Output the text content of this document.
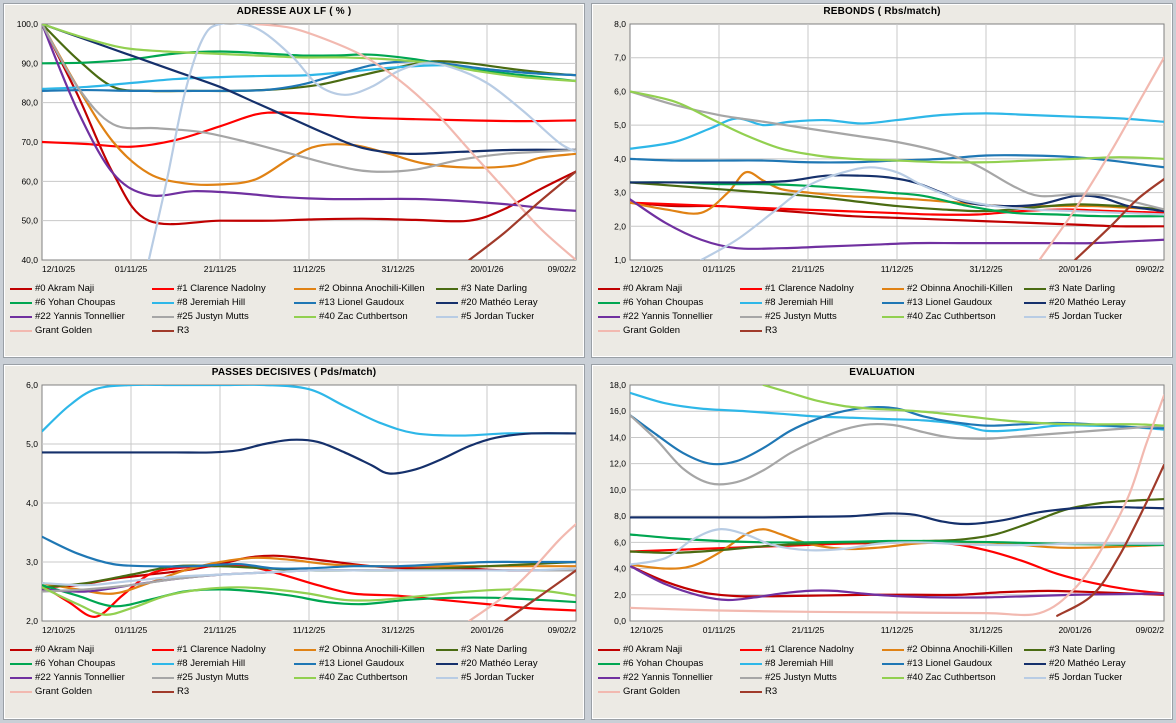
ADRESSE AUX LF ( % )
100,0
90,0
80,0
70,0
60,0
50,0
40,0
12/10/25	01/11/25	21/11/25	11/12/25	31/12/25	20/01/26	09/02/2
#0 Akram Naji	#1 Clarence Nadolny	#2 Obinna Anochili-Killen	#3 Nate Darling
#6 Yohan Choupas	#8 Jeremiah Hill	#13 Lionel Gaudoux	#20 Mathéo Leray
#22 Yannis Tonnellier	#25 Justyn Mutts	#40 Zac Cuthbertson	#5 Jordan Tucker
Grant Golden	R3
REBONDS ( Rbs/match)
8,0
7,0
6,0
5,0
4,0
3,0
2,0
1,0
12/10/25	01/11/25	21/11/25	11/12/25	31/12/25	20/01/26	09/02/2
#0 Akram Naji	#1 Clarence Nadolny	#2 Obinna Anochili-Killen	#3 Nate Darling
#6 Yohan Choupas	#8 Jeremiah Hill	#13 Lionel Gaudoux	#20 Mathéo Leray
#22 Yannis Tonnellier	#25 Justyn Mutts	#40 Zac Cuthbertson	#5 Jordan Tucker
Grant Golden	R3
PASSES DECISIVES ( Pds/match)
6,0
5,0
4,0
3,0
2,0
12/10/25	01/11/25	21/11/25	11/12/25	31/12/25	20/01/26	09/02/2
#0 Akram Naji	#1 Clarence Nadolny	#2 Obinna Anochili-Killen	#3 Nate Darling
#6 Yohan Choupas	#8 Jeremiah Hill	#13 Lionel Gaudoux	#20 Mathéo Leray
#22 Yannis Tonnellier	#25 Justyn Mutts	#40 Zac Cuthbertson	#5 Jordan Tucker
Grant Golden	R3
EVALUATION
18,0
16,0
14,0
12,0
10,0
8,0
6,0
4,0
2,0
0,0
12/10/25	01/11/25	21/11/25	11/12/25	31/12/25	20/01/26	09/02/2
#0 Akram Naji	#1 Clarence Nadolny	#2 Obinna Anochili-Killen	#3 Nate Darling
#6 Yohan Choupas	#8 Jeremiah Hill	#13 Lionel Gaudoux	#20 Mathéo Leray
#22 Yannis Tonnellier	#25 Justyn Mutts	#40 Zac Cuthbertson	#5 Jordan Tucker
Grant Golden	R3
